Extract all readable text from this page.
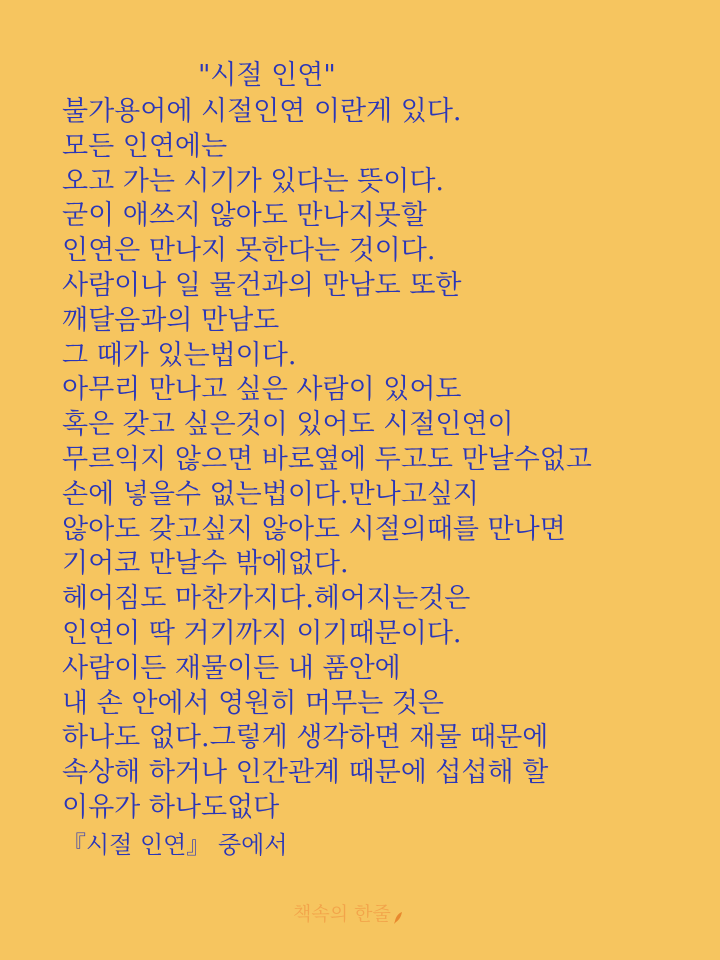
"시절 인연"
불가용어에 시절인연 이란게 있다.
모든 인연에는
오고 가는 시기가 있다는 뜻이다.
굳이 애쓰지 않아도 만나지못할
인연은 만나지 못한다는 것이다.
사람이나 일 물건과의 만남도 또한
깨달음과의 만남도
그 때가 있는법이다.
아무리 만나고 싶은 사람이 있어도
혹은 갖고 싶은것이 있어도 시절인연이
무르익지 않으면 바로옆에 두고도 만날수없고
손에 넣을수 없는법이다.만나고싶지
않아도 갖고싶지 않아도 시절의때를 만나면
기어코 만날수 밖에없다.
헤어짐도 마찬가지다.헤어지는것은
인연이 딱 거기까지 이기때문이다.
사람이든 재물이든 내 품안에
내 손 안에서 영원히 머무는 것은
하나도 없다.그렇게 생각하면 재물 때문에
속상해 하거나 인간관계 때문에 섭섭해 할
이유가 하나도없다
『시절 인연』 중에서
책속의 한줄
